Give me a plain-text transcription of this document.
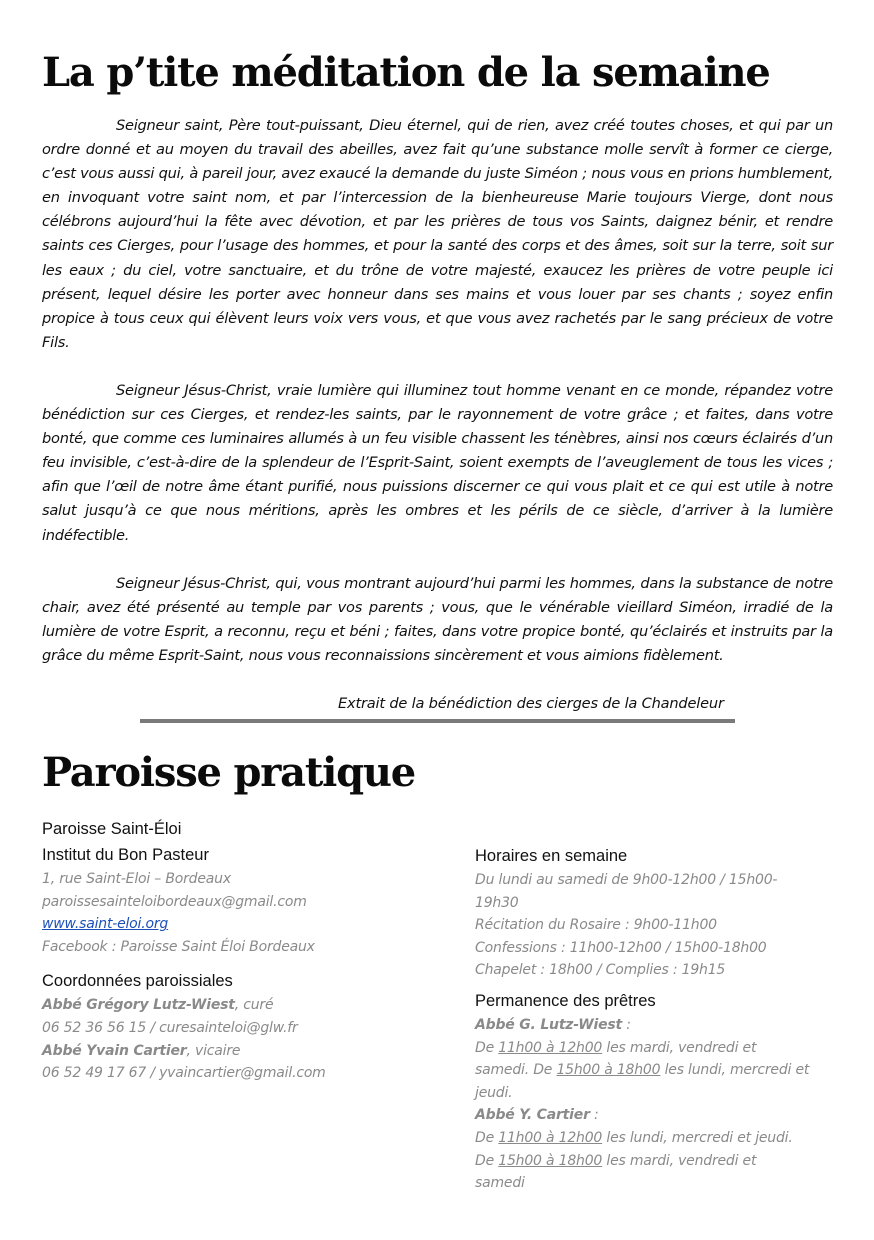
La p’tite méditation de la semaine

Seigneur saint, Père tout-puissant, Dieu éternel, qui de rien, avez créé toutes choses, et qui par un ordre donné et au moyen du travail des abeilles, avez fait qu’une substance molle servît à former ce cierge, c’est vous aussi qui, à pareil jour, avez exaucé la demande du juste Siméon ; nous vous en prions humblement, en invoquant votre saint nom, et par l’intercession de la bienheureuse Marie toujours Vierge, dont nous célébrons aujourd’hui la fête avec dévotion, et par les prières de tous vos Saints, daignez bénir, et rendre saints ces Cierges, pour l’usage des hommes, et pour la santé des corps et des âmes, soit sur la terre, soit sur les eaux ; du ciel, votre sanctuaire, et du trône de votre majesté, exaucez les prières de votre peuple ici présent, lequel désire les porter avec honneur dans ses mains et vous louer par ses chants ; soyez enfin propice à tous ceux qui élèvent leurs voix vers vous, et que vous avez rachetés par le sang précieux de votre Fils.

Seigneur Jésus-Christ, vraie lumière qui illuminez tout homme venant en ce monde, répandez votre bénédiction sur ces Cierges, et rendez-les saints, par le rayonnement de votre grâce ; et faites, dans votre bonté, que comme ces luminaires allumés à un feu visible chassent les ténèbres, ainsi nos cœurs éclairés d’un feu invisible, c’est-à-dire de la splendeur de l’Esprit-Saint, soient exempts de l’aveuglement de tous les vices ; afin que l’œil de notre âme étant purifié, nous puissions discerner ce qui vous plait et ce qui est utile à notre salut jusqu’à ce que nous méritions, après les ombres et les périls de ce siècle, d’arriver à la lumière indéfectible.

Seigneur Jésus-Christ, qui, vous montrant aujourd’hui parmi les hommes, dans la substance de notre chair, avez été présenté au temple par vos parents ; vous, que le vénérable vieillard Siméon, irradié de la lumière de votre Esprit, a reconnu, reçu et béni ; faites, dans votre propice bonté, qu’éclairés et instruits par la grâce du même Esprit-Saint, nous vous reconnaissions sincèrement et vous aimions fidèlement.

Extrait de la bénédiction des cierges de la Chandeleur

Paroisse pratique

Paroisse Saint-Éloi

Institut du Bon Pasteur

1, rue Saint-Eloi – Bordeaux

paroissesainteloibordeaux@gmail.com

www.saint-eloi.org

Facebook : Paroisse Saint Éloi Bordeaux

Coordonnées paroissiales

Abbé Grégory Lutz-Wiest, curé

06 52 36 56 15 / curesainteloi@glw.fr

Abbé Yvain Cartier, vicaire

06 52 49 17 67 / yvaincartier@gmail.com

Horaires en semaine

Du lundi au samedi de 9h00-12h00 / 15h00-19h30

Récitation du Rosaire : 9h00-11h00

Confessions : 11h00-12h00 / 15h00-18h00

Chapelet : 18h00 / Complies : 19h15

Permanence des prêtres

Abbé G. Lutz-Wiest :

De 11h00 à 12h00 les mardi, vendredi et samedi. De 15h00 à 18h00 les lundi, mercredi et jeudi.

Abbé Y. Cartier :

De 11h00 à 12h00 les lundi, mercredi et jeudi. De 15h00 à 18h00 les mardi, vendredi et samedi
